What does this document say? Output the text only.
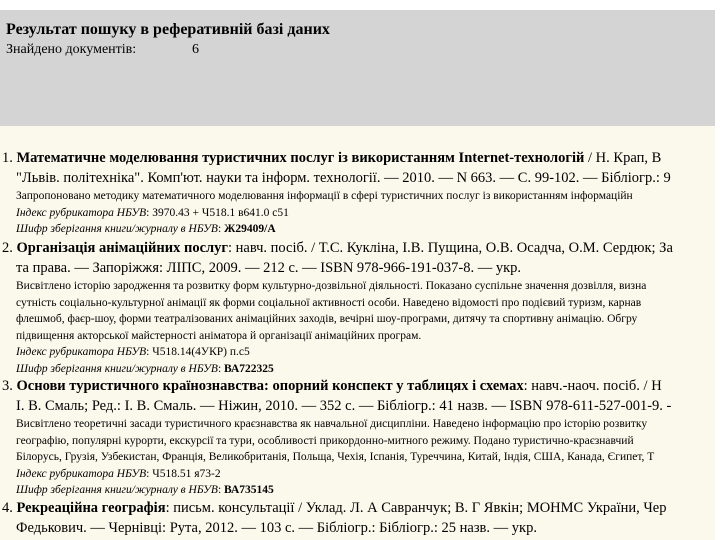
Результат пошуку в реферативній базі даних
Знайдено документів:	6
1. Математичне моделювання туристичних послуг із використанням Internet-технологій / Н. Крап, В
"Львів. політехніка". Комп'ют. науки та інформ. технології. — 2010. — N 663. — С. 99-102. — Бібліогр.: 9
Запропоновано методику математичного моделювання інформації в сфері туристичних послуг із використанням інформаційн
Індекс рубрикатора НБУВ: З970.43 + Ч518.1 в641.0 с51
Шифр зберігання книги/журналу в НБУВ: Ж29409/А
2. Організація анімаційних послуг: навч. посіб. / Т.С. Кукліна, І.В. Пущина, О.В. Осадча, О.М. Сердюк; За
та права. — Запоріжжя: ЛІПС, 2009. — 212 с. — ISBN 978-966-191-037-8. — укр.
Висвітлено історію зародження та розвитку форм культурно-дозвільної діяльності. Показано суспільне значення дозвілля, визна
сутність соціально-культурної анімації як форми соціальної активності особи. Наведено відомості про подієвий туризм, карнав
флешмоб, фаєр-шоу, форми театралізованих анімаційних заходів, вечірні шоу-програми, дитячу та спортивну анімацію. Обгру
підвищення акторської майстерності аніматора й організації анімаційних програм.
Індекс рубрикатора НБУВ: Ч518.14(4УКР) п.с5
Шифр зберігання книги/журналу в НБУВ: ВА722325
3. Основи туристичного країнознавства: опорний конспект у таблицях і схемах: навч.-наоч. посіб. / Н
І. В. Смаль; Ред.: І. В. Смаль. — Ніжин, 2010. — 352 с. — Бібліогр.: 41 назв. — ISBN 978-611-527-001-9. -
Висвітлено теоретичні засади туристичного краєзнавства як навчальної дисципліни. Наведено інформацію про історію розвитку
географію, популярні курорти, екскурсії та тури, особливості прикордонно-митного режиму. Подано туристично-краєзнавчий
Білорусь, Грузія, Узбекистан, Франція, Великобританія, Польща, Чехія, Іспанія, Туреччина, Китай, Індія, США, Канада, Єгипет, Т
Індекс рубрикатора НБУВ: Ч518.51 я73-2
Шифр зберігання книги/журналу в НБУВ: ВА735145
4. Рекреаційна географія: письм. консультації / Уклад. Л. А Савранчук; В. Г Явкін; МОНМС України, Чер
Федькович. — Чернівці: Рута, 2012. — 103 с. — Бібліогр.: Бібліогр.: 25 назв. — укр.
